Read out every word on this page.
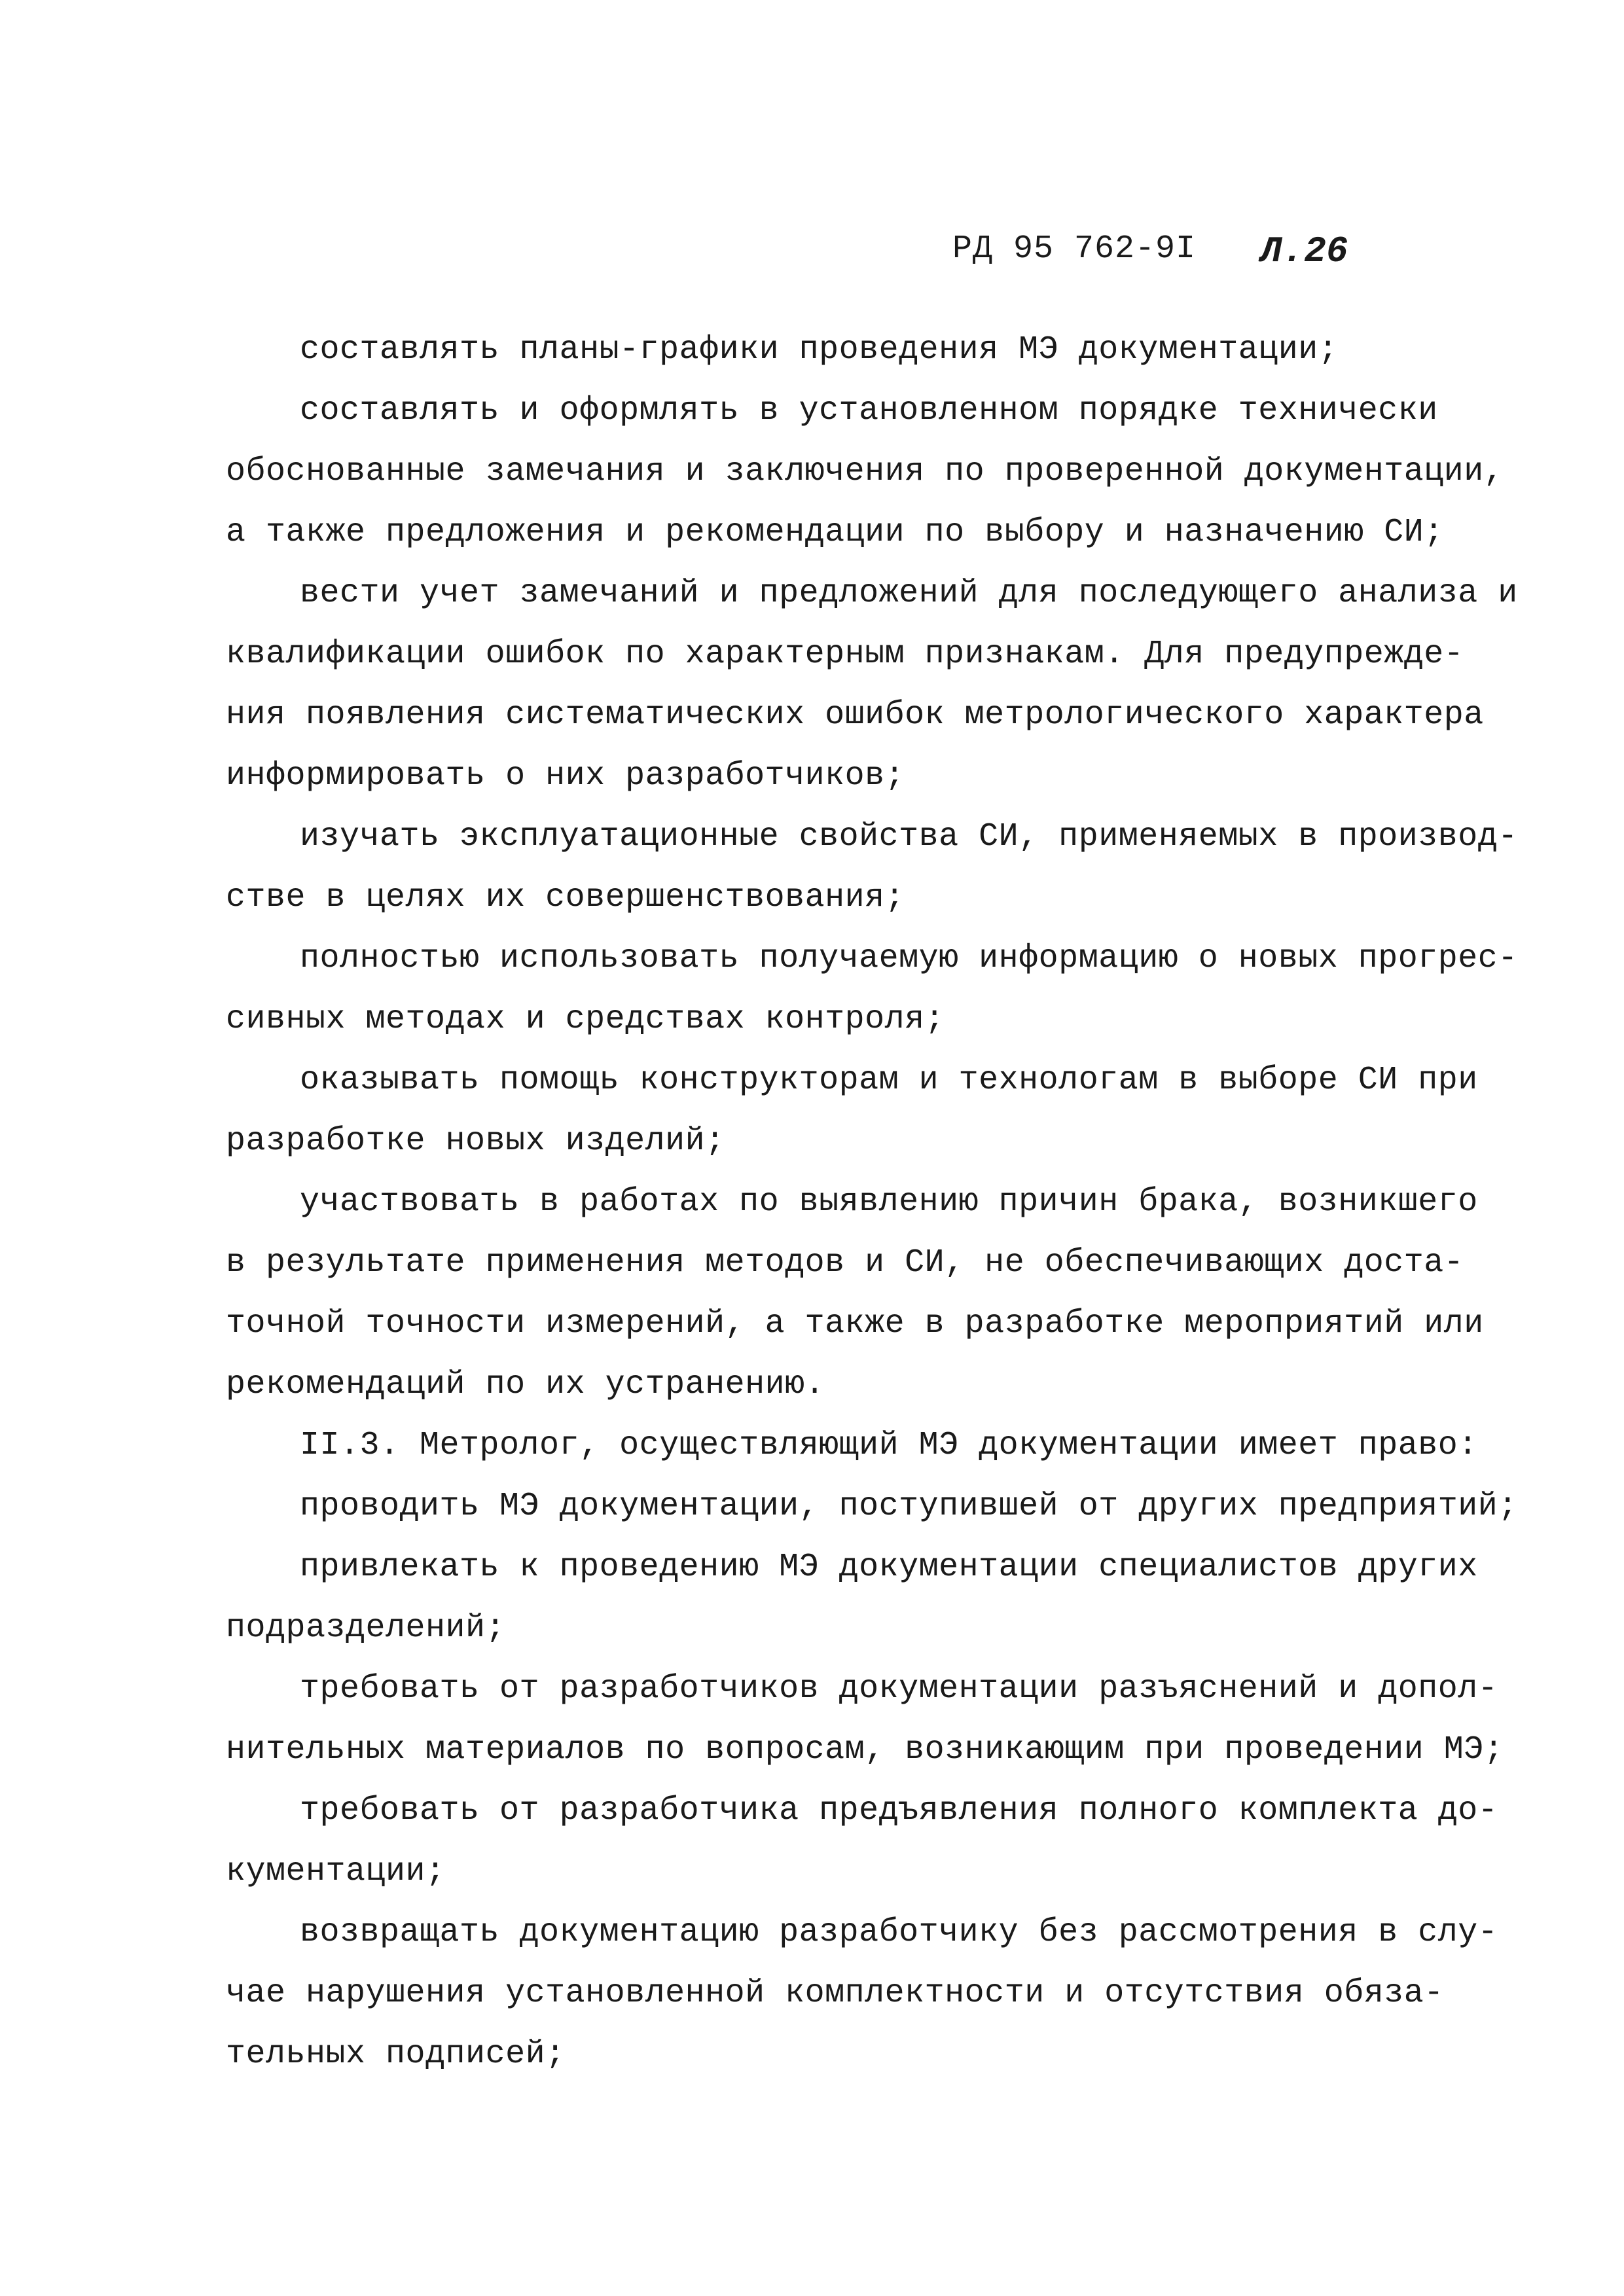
РД 95 762-9I Л.26
составлять планы-графики проведения МЭ документации;
составлять и оформлять в установленном порядке технически
обоснованные замечания и заключения по проверенной документации,
а также предложения и рекомендации по выбору и назначению СИ;
вести учет замечаний и предложений для последующего анализа и
квалификации ошибок по характерным признакам. Для предупрежде-
ния появления систематических ошибок метрологического характера
информировать о них разработчиков;
изучать эксплуатационные свойства СИ, применяемых в производ-
стве в целях их совершенствования;
полностью использовать получаемую информацию о новых прогрес-
сивных методах и средствах контроля;
оказывать помощь конструкторам и технологам в выборе СИ при
разработке новых изделий;
участвовать в работах по выявлению причин брака, возникшего
в результате применения методов и СИ, не обеспечивающих доста-
точной точности измерений, а также в разработке мероприятий или
рекомендаций по их устранению.
II.3. Метролог, осуществляющий МЭ документации имеет право:
проводить МЭ документации, поступившей от других предприятий;
привлекать к проведению МЭ документации специалистов других
подразделений;
требовать от разработчиков документации разъяснений и допол-
нительных материалов по вопросам, возникающим при проведении МЭ;
требовать от разработчика предъявления полного комплекта до-
кументации;
возвращать документацию разработчику без рассмотрения в слу-
чае нарушения установленной комплектности и отсутствия обяза-
тельных подписей;
